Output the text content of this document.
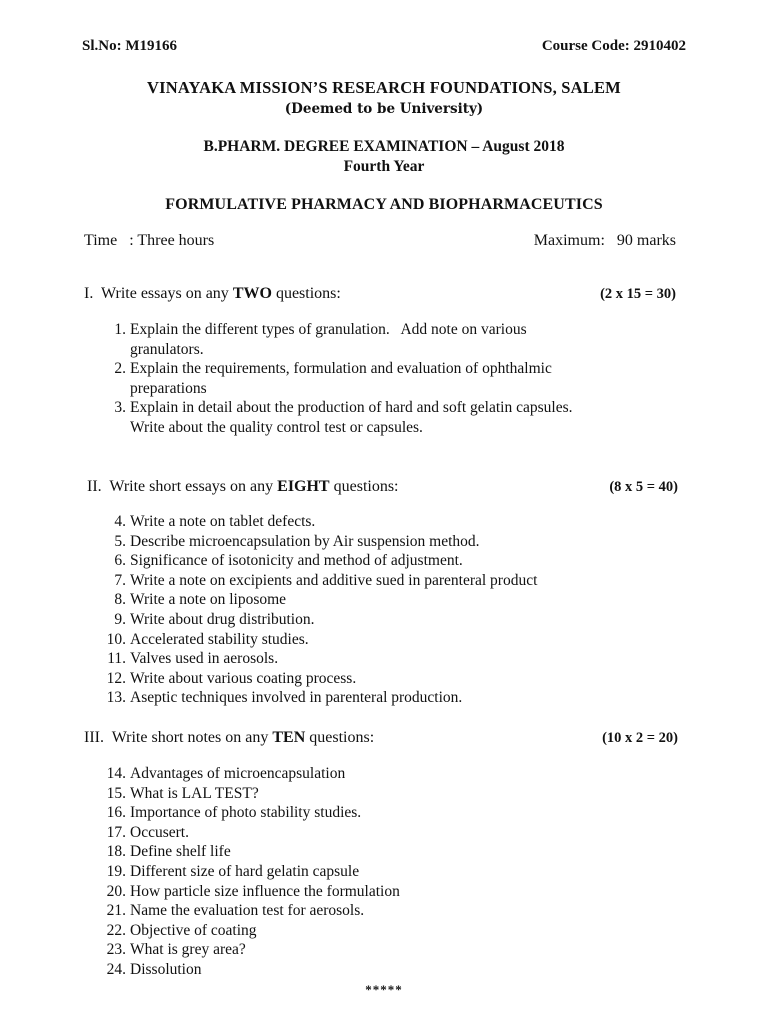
Sl.No: M19166	Course Code: 2910402
VINAYAKA MISSION’S RESEARCH FOUNDATIONS, SALEM
(Deemed to be University)
B.PHARM. DEGREE EXAMINATION – August 2018
Fourth Year
FORMULATIVE PHARMACY AND BIOPHARMACEUTICS
Time   : Three hours	Maximum:   90 marks
I.  Write essays on any TWO questions:	(2 x 15 = 30)
1. Explain the different types of granulation.   Add note on various
granulators.
2. Explain the requirements, formulation and evaluation of ophthalmic
preparations
3. Explain in detail about the production of hard and soft gelatin capsules.
Write about the quality control test or capsules.
II.  Write short essays on any EIGHT questions:	(8 x 5 = 40)
4. Write a note on tablet defects.
5. Describe microencapsulation by Air suspension method.
6. Significance of isotonicity and method of adjustment.
7. Write a note on excipients and additive sued in parenteral product
8. Write a note on liposome
9. Write about drug distribution.
10. Accelerated stability studies.
11. Valves used in aerosols.
12. Write about various coating process.
13. Aseptic techniques involved in parenteral production.
III.  Write short notes on any TEN questions:	(10 x 2 = 20)
14. Advantages of microencapsulation
15. What is LAL TEST?
16. Importance of photo stability studies.
17. Occusert.
18. Define shelf life
19. Different size of hard gelatin capsule
20. How particle size influence the formulation
21. Name the evaluation test for aerosols.
22. Objective of coating
23. What is grey area?
24. Dissolution
*****
